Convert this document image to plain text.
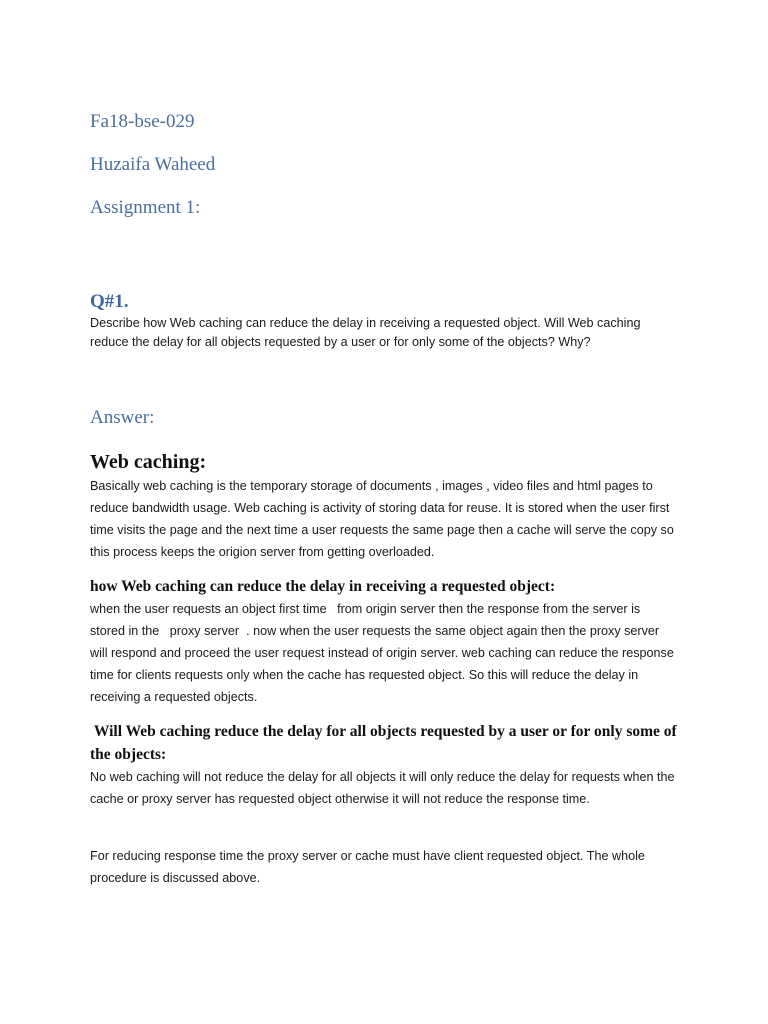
Fa18-bse-029
Huzaifa Waheed
Assignment 1:
Q#1.
Describe how Web caching can reduce the delay in receiving a requested object. Will Web caching reduce the delay for all objects requested by a user or for only some of the objects? Why?
Answer:
Web caching:
Basically web caching is the temporary storage of documents , images , video files and html pages to reduce bandwidth usage. Web caching is activity of storing data for reuse. It is stored when the user first time visits the page and the next time a user requests the same page then a cache will serve the copy so this process keeps the origion server from getting overloaded.
how Web caching can reduce the delay in receiving a requested object:
when the user requests an object first time   from origin server then the response from the server is stored in the   proxy server  . now when the user requests the same object again then the proxy server will respond and proceed the user request instead of origin server. web caching can reduce the response time for clients requests only when the cache has requested object. So this will reduce the delay in receiving a requested objects.
Will Web caching reduce the delay for all objects requested by a user or for only some of the objects:
No web caching will not reduce the delay for all objects it will only reduce the delay for requests when the cache or proxy server has requested object otherwise it will not reduce the response time.
For reducing response time the proxy server or cache must have client requested object. The whole procedure is discussed above.
